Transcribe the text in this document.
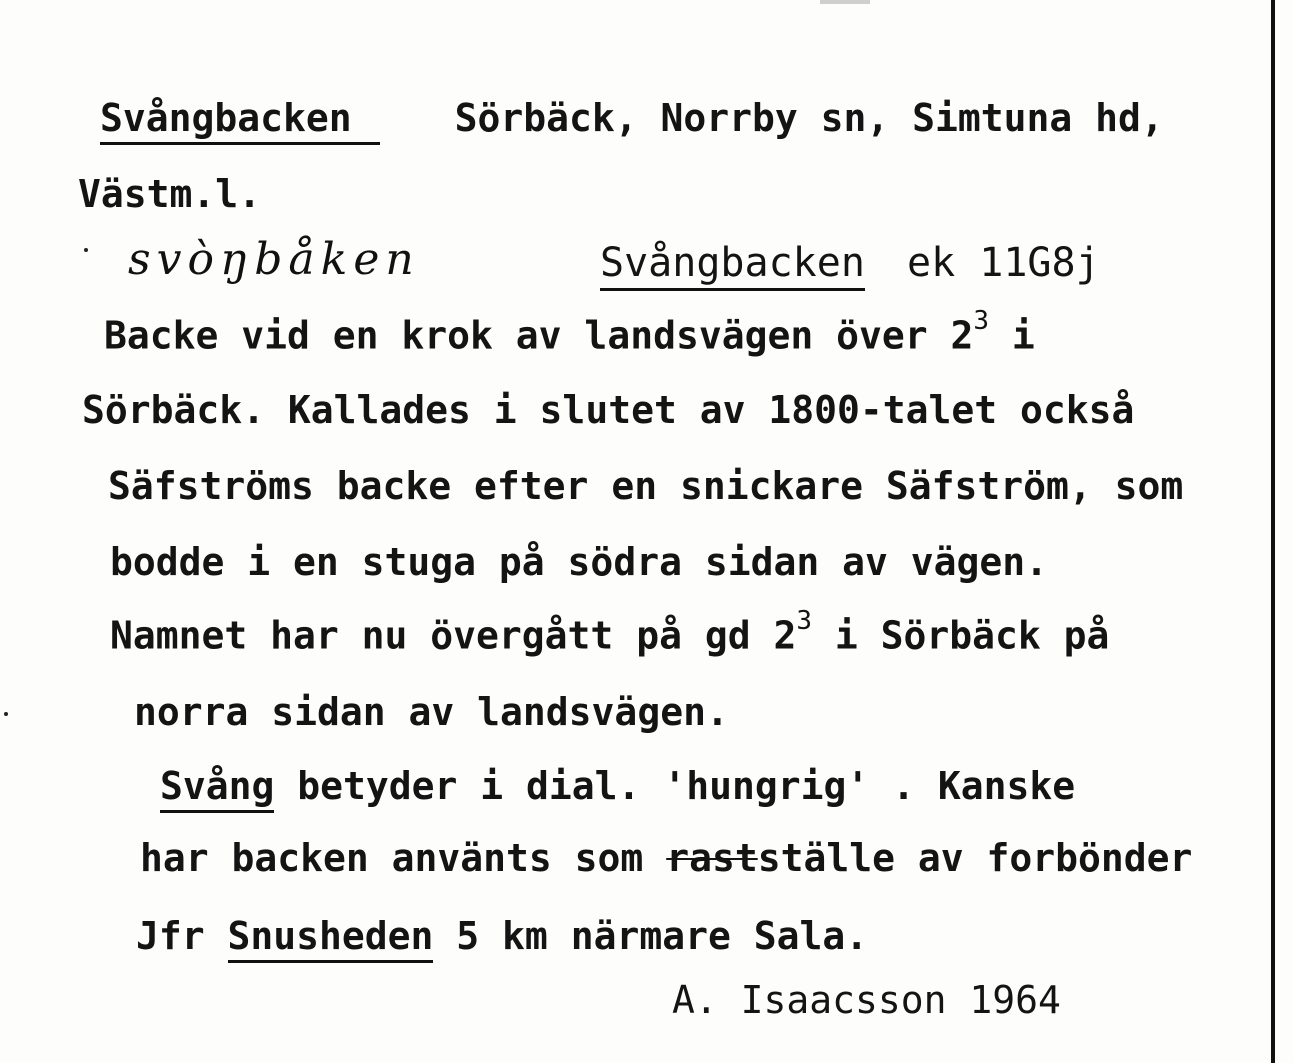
Svångbacken	Sörbäck, Norrby sn, Simtuna hd,
Västm.l.
svòŋbåken	Svångbacken ek 11G8j
Backe vid en krok av landsvägen över $2^3$ i
Sörbäck. Kallades i slutet av 1800-talet också
Säfströms backe efter en snickare Säfström, som
bodde i en stuga på södra sidan av vägen.
Namnet har nu övergått på gd $2^3$ i Sörbäck på
norra sidan av landsvägen.
Svång betyder i dial. 'hungrig' . Kanske
har backen använts som rastställe av forbönder
Jfr Snusheden 5 km närmare Sala.
A. Isaacsson 1964
